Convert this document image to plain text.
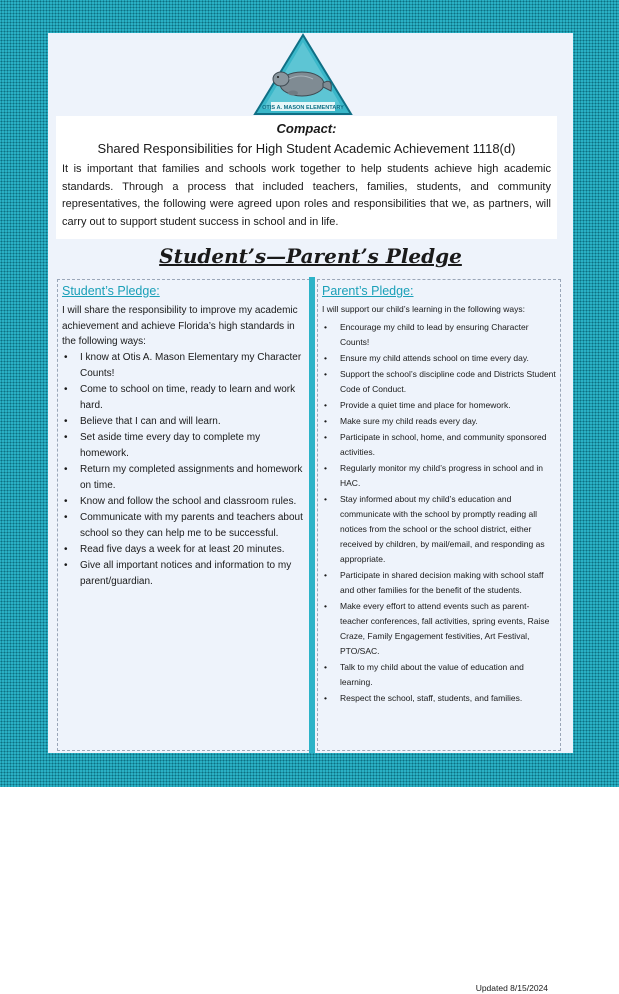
OTIS A. MASON ELEMENTARY
Compact:
Shared Responsibilities for High Student Academic Achievement 1118(d)
It is important that families and schools work together to help students achieve high academic standards. Through a process that included teachers, families, students, and community representatives, the following were agreed upon roles and responsibilities that we, as partners, will carry out to support student success in school and in life.
Student’s—Parent’s Pledge
Student’s Pledge:
I will share the responsibility to improve my academic achievement and achieve Florida’s high standards in the following ways:
• I know at Otis A. Mason Elementary my Character Counts!
• Come to school on time, ready to learn and work hard.
• Believe that I can and will learn.
• Set aside time every day to complete my homework.
• Return my completed assignments and homework on time.
• Know and follow the school and classroom rules.
• Communicate with my parents and teachers about school so they can help me to be successful.
• Read five days a week for at least 20 minutes.
• Give all important notices and information to my parent/guardian.
Parent’s Pledge:
I will support our child’s learning in the following ways:
• Encourage my child to lead by ensuring Character Counts!
• Ensure my child attends school on time every day.
• Support the school’s discipline code and Districts Student Code of Conduct.
• Provide a quiet time and place for homework.
• Make sure my child reads every day.
• Participate in school, home, and community sponsored activities.
• Regularly monitor my child’s progress in school and in HAC.
• Stay informed about my child’s education and communicate with the school by promptly reading all notices from the school or the school district, either received by children, by mail/email, and responding as appropriate.
• Participate in shared decision making with school staff and other families for the benefit of the students.
• Make every effort to attend events such as parent-teacher conferences, fall activities, spring events, Raise Craze, Family Engagement festivities, Art Festival, PTO/SAC.
• Talk to my child about the value of education and learning.
• Respect the school, staff, students, and families.
Updated 8/15/2024
